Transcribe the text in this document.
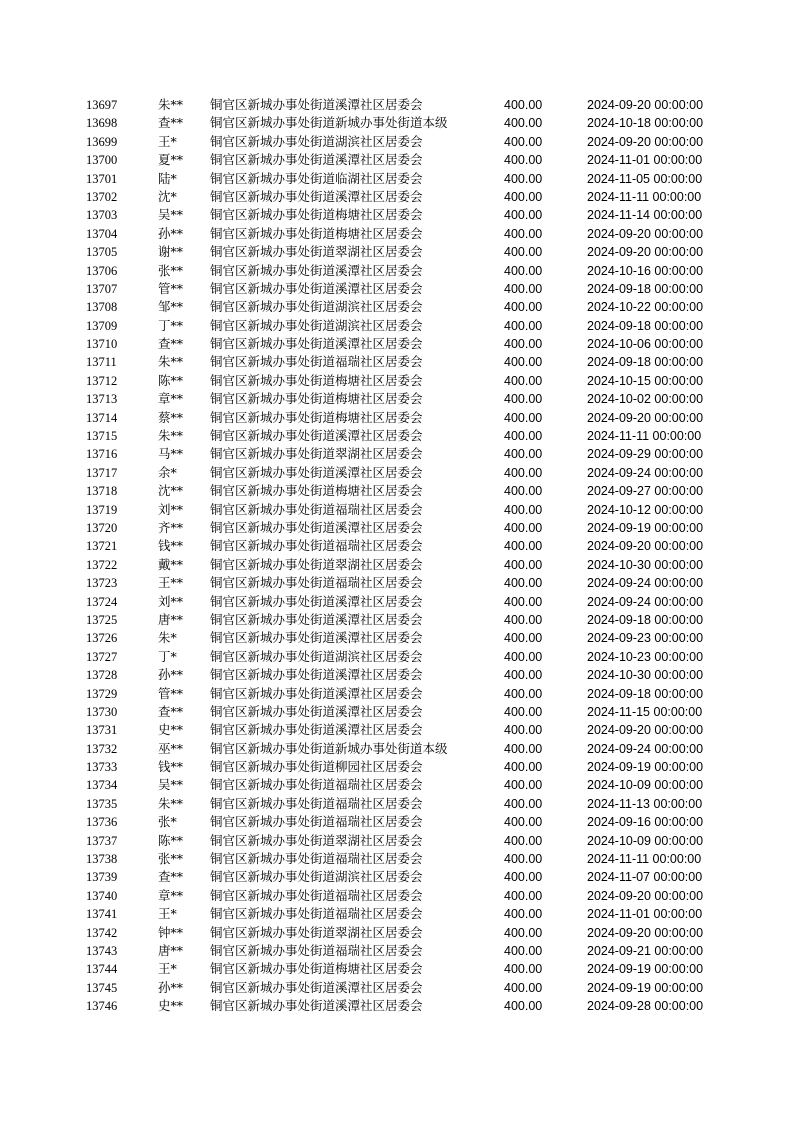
13697	朱** 铜官区新城办事处街道溪潭社区居委会	400.00	2024-09-20 00:00:00
13698	查** 铜官区新城办事处街道新城办事处街道本级	400.00	2024-10-18 00:00:00
13699	王*	铜官区新城办事处街道湖滨社区居委会	400.00	2024-09-20 00:00:00
13700	夏** 铜官区新城办事处街道溪潭社区居委会	400.00	2024-11-01 00:00:00
13701	陆*	铜官区新城办事处街道临湖社区居委会	400.00	2024-11-05 00:00:00
13702	沈*	铜官区新城办事处街道溪潭社区居委会	400.00	2024-11-11 00:00:00
13703	吴** 铜官区新城办事处街道梅塘社区居委会	400.00	2024-11-14 00:00:00
13704	孙** 铜官区新城办事处街道梅塘社区居委会	400.00	2024-09-20 00:00:00
13705	谢** 铜官区新城办事处街道翠湖社区居委会	400.00	2024-09-20 00:00:00
13706	张** 铜官区新城办事处街道溪潭社区居委会	400.00	2024-10-16 00:00:00
13707	管** 铜官区新城办事处街道溪潭社区居委会	400.00	2024-09-18 00:00:00
13708	邹** 铜官区新城办事处街道湖滨社区居委会	400.00	2024-10-22 00:00:00
13709	丁** 铜官区新城办事处街道湖滨社区居委会	400.00	2024-09-18 00:00:00
13710	查** 铜官区新城办事处街道溪潭社区居委会	400.00	2024-10-06 00:00:00
13711	朱** 铜官区新城办事处街道福瑞社区居委会	400.00	2024-09-18 00:00:00
13712	陈** 铜官区新城办事处街道梅塘社区居委会	400.00	2024-10-15 00:00:00
13713	章** 铜官区新城办事处街道梅塘社区居委会	400.00	2024-10-02 00:00:00
13714	蔡** 铜官区新城办事处街道梅塘社区居委会	400.00	2024-09-20 00:00:00
13715	朱** 铜官区新城办事处街道溪潭社区居委会	400.00	2024-11-11 00:00:00
13716	马** 铜官区新城办事处街道翠湖社区居委会	400.00	2024-09-29 00:00:00
13717	余*	铜官区新城办事处街道溪潭社区居委会	400.00	2024-09-24 00:00:00
13718	沈** 铜官区新城办事处街道梅塘社区居委会	400.00	2024-09-27 00:00:00
13719	刘** 铜官区新城办事处街道福瑞社区居委会	400.00	2024-10-12 00:00:00
13720	齐** 铜官区新城办事处街道溪潭社区居委会	400.00	2024-09-19 00:00:00
13721	钱** 铜官区新城办事处街道福瑞社区居委会	400.00	2024-09-20 00:00:00
13722	戴** 铜官区新城办事处街道翠湖社区居委会	400.00	2024-10-30 00:00:00
13723	王** 铜官区新城办事处街道福瑞社区居委会	400.00	2024-09-24 00:00:00
13724	刘** 铜官区新城办事处街道溪潭社区居委会	400.00	2024-09-24 00:00:00
13725	唐** 铜官区新城办事处街道溪潭社区居委会	400.00	2024-09-18 00:00:00
13726	朱*	铜官区新城办事处街道溪潭社区居委会	400.00	2024-09-23 00:00:00
13727	丁*	铜官区新城办事处街道湖滨社区居委会	400.00	2024-10-23 00:00:00
13728	孙** 铜官区新城办事处街道溪潭社区居委会	400.00	2024-10-30 00:00:00
13729	管** 铜官区新城办事处街道溪潭社区居委会	400.00	2024-09-18 00:00:00
13730	查** 铜官区新城办事处街道溪潭社区居委会	400.00	2024-11-15 00:00:00
13731	史** 铜官区新城办事处街道溪潭社区居委会	400.00	2024-09-20 00:00:00
13732	巫** 铜官区新城办事处街道新城办事处街道本级	400.00	2024-09-24 00:00:00
13733	钱** 铜官区新城办事处街道柳园社区居委会	400.00	2024-09-19 00:00:00
13734	吴** 铜官区新城办事处街道福瑞社区居委会	400.00	2024-10-09 00:00:00
13735	朱** 铜官区新城办事处街道福瑞社区居委会	400.00	2024-11-13 00:00:00
13736	张*	铜官区新城办事处街道福瑞社区居委会	400.00	2024-09-16 00:00:00
13737	陈** 铜官区新城办事处街道翠湖社区居委会	400.00	2024-10-09 00:00:00
13738	张** 铜官区新城办事处街道福瑞社区居委会	400.00	2024-11-11 00:00:00
13739	查** 铜官区新城办事处街道湖滨社区居委会	400.00	2024-11-07 00:00:00
13740	章** 铜官区新城办事处街道福瑞社区居委会	400.00	2024-09-20 00:00:00
13741	王*	铜官区新城办事处街道福瑞社区居委会	400.00	2024-11-01 00:00:00
13742	钟** 铜官区新城办事处街道翠湖社区居委会	400.00	2024-09-20 00:00:00
13743	唐** 铜官区新城办事处街道福瑞社区居委会	400.00	2024-09-21 00:00:00
13744	王*	铜官区新城办事处街道梅塘社区居委会	400.00	2024-09-19 00:00:00
13745	孙** 铜官区新城办事处街道溪潭社区居委会	400.00	2024-09-19 00:00:00
13746	史** 铜官区新城办事处街道溪潭社区居委会	400.00	2024-09-28 00:00:00
